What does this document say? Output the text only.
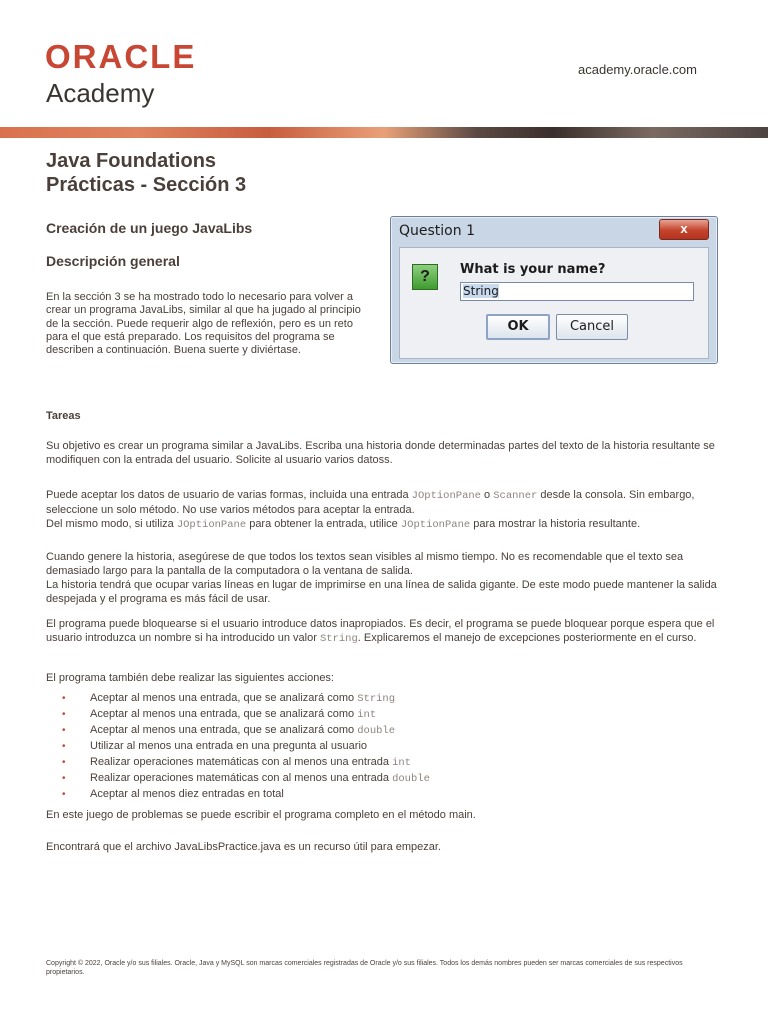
ORACLE
Academy
academy.oracle.com
Java Foundations
Prácticas - Sección 3
Creación de un juego JavaLibs
Descripción general
En la sección 3 se ha mostrado todo lo necesario para volver a crear un programa JavaLibs, similar al que ha jugado al principio de la sección. Puede requerir algo de reflexión, pero es un reto para el que está preparado. Los requisitos del programa se describen a continuación. Buena suerte y diviértase.
Question 1	x
?	What is your name?
String
OK	Cancel
Tareas
Su objetivo es crear un programa similar a JavaLibs. Escriba una historia donde determinadas partes del texto de la historia resultante se modifiquen con la entrada del usuario. Solicite al usuario varios datoss.
Puede aceptar los datos de usuario de varias formas, incluida una entrada JOptionPane o Scanner desde la consola. Sin embargo, seleccione un solo método. No use varios métodos para aceptar la entrada.
Del mismo modo, si utiliza JOptionPane para obtener la entrada, utilice JOptionPane para mostrar la historia resultante.
Cuando genere la historia, asegúrese de que todos los textos sean visibles al mismo tiempo. No es recomendable que el texto sea demasiado largo para la pantalla de la computadora o la ventana de salida.
La historia tendrá que ocupar varias líneas en lugar de imprimirse en una línea de salida gigante. De este modo puede mantener la salida despejada y el programa es más fácil de usar.
El programa puede bloquearse si el usuario introduce datos inapropiados. Es decir, el programa se puede bloquear porque espera que el usuario introduzca un nombre si ha introducido un valor String. Explicaremos el manejo de excepciones posteriormente en el curso.
El programa también debe realizar las siguientes acciones:
• Aceptar al menos una entrada, que se analizará como String
• Aceptar al menos una entrada, que se analizará como int
• Aceptar al menos una entrada, que se analizará como double
• Utilizar al menos una entrada en una pregunta al usuario
• Realizar operaciones matemáticas con al menos una entrada int
• Realizar operaciones matemáticas con al menos una entrada double
• Aceptar al menos diez entradas en total
En este juego de problemas se puede escribir el programa completo en el método main.
Encontrará que el archivo JavaLibsPractice.java es un recurso útil para empezar.
Copyright © 2022, Oracle y/o sus filiales. Oracle, Java y MySQL son marcas comerciales registradas de Oracle y/o sus filiales. Todos los demás nombres pueden ser marcas comerciales de sus respectivos propietarios.
